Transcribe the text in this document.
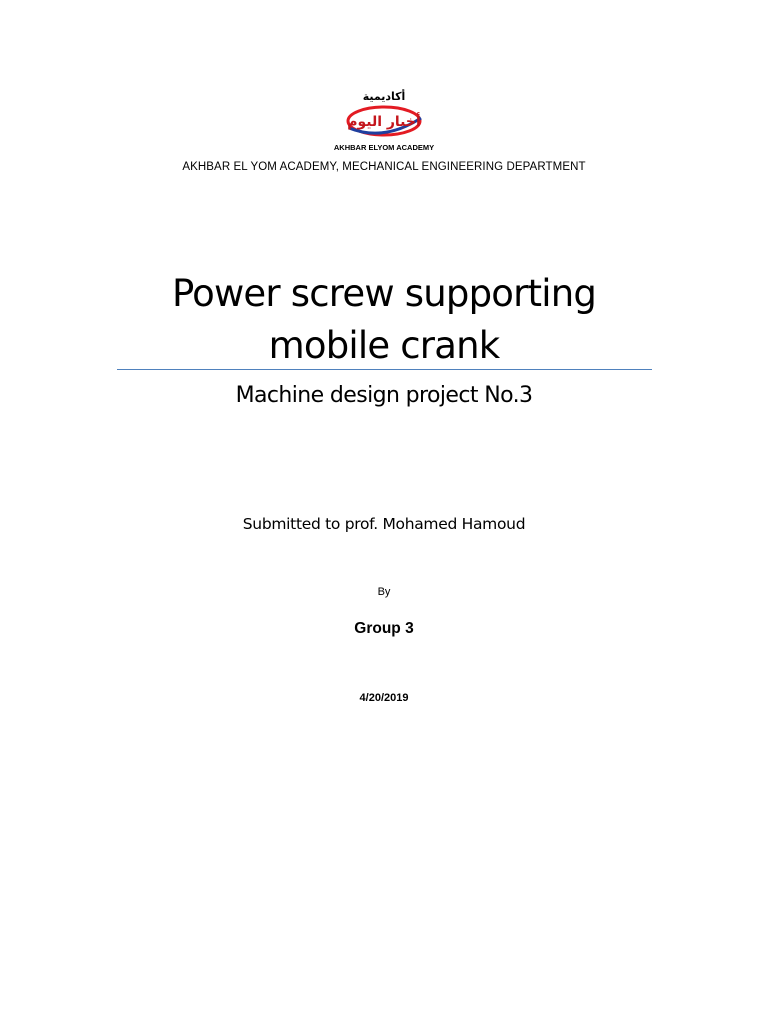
أكاديمية
أخبار اليوم
AKHBAR ELYOM ACADEMY
AKHBAR EL YOM ACADEMY, MECHANICAL ENGINEERING DEPARTMENT
Power screw supporting
mobile crank
Machine design project No.3
Submitted to prof. Mohamed Hamoud
By
Group 3
4/20/2019
